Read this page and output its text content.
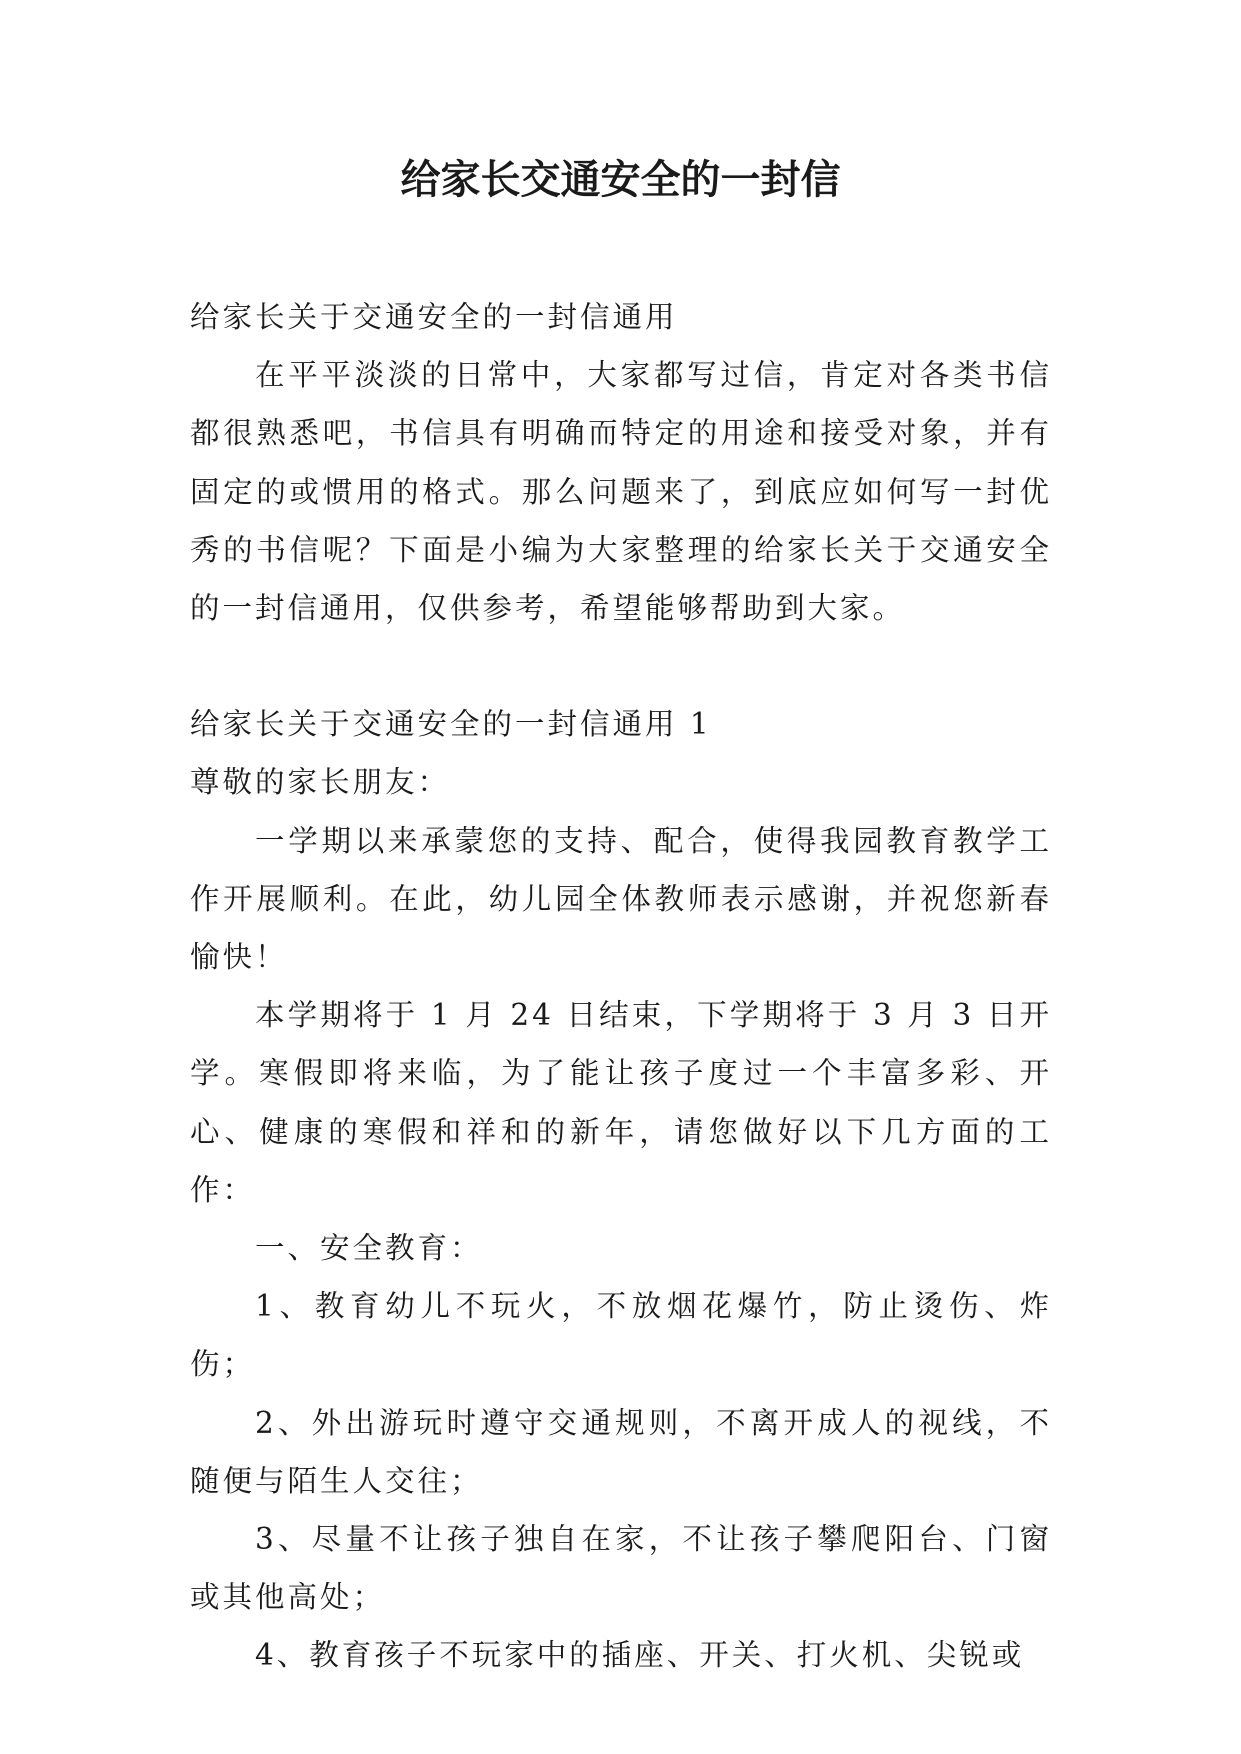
给家长交通安全的一封信

给家长关于交通安全的一封信通用

在平平淡淡的日常中，大家都写过信，肯定对各类书信都很熟悉吧，书信具有明确而特定的用途和接受对象，并有固定的或惯用的格式。那么问题来了，到底应如何写一封优秀的书信呢？下面是小编为大家整理的给家长关于交通安全的一封信通用，仅供参考，希望能够帮助到大家。

给家长关于交通安全的一封信通用 1

尊敬的家长朋友：

一学期以来承蒙您的支持、配合，使得我园教育教学工作开展顺利。在此，幼儿园全体教师表示感谢，并祝您新春愉快！

本学期将于 1 月 24 日结束，下学期将于 3 月 3 日开学。寒假即将来临，为了能让孩子度过一个丰富多彩、开心、健康的寒假和祥和的新年，请您做好以下几方面的工作：

一、安全教育：

1、教育幼儿不玩火，不放烟花爆竹，防止烫伤、炸伤；

2、外出游玩时遵守交通规则，不离开成人的视线，不随便与陌生人交往；

3、尽量不让孩子独自在家，不让孩子攀爬阳台、门窗或其他高处；

4、教育孩子不玩家中的插座、开关、打火机、尖锐或
